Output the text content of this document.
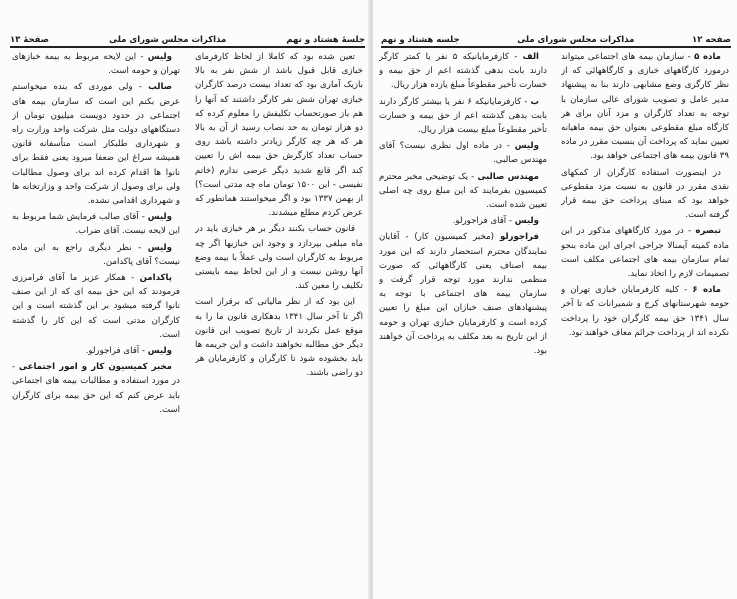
جلسهٔ هشتاد و نهم
مذاکرات مجلس شورای ملی
صفحهٔ ۱۳

تعین شده بود که کاملا از لحاظ کارفرمای خبازی قابل قبول باشد از شش نفر به بالا بازیک آماری بود که تعداد بیست درصد کارگران خبازی تهران شش نفر کارگر داشتند که آنها را هم باز صورتحساب تکلیفش را معلوم کرده که دو هزار تومان به حد نصاب رسید از آن به بالا هر که هر چه کارگر زیادتر داشته باشد روی حساب تعداد کارگرش حق بیمه اش را تعیین کند اگر قانع شدید دیگر عرضی ندارم (خاتم نفیسی - این ۱۵۰۰ تومان ماه چه مدتی است؟) از بهمن ۱۳۳۷ بود و اگر میخواستند همانطور که عرض کردم مطلع میشدند.

قانون حساب بکنند دیگر بر هر خبازی باید در ماه مبلغی بپردازد و وجود این خبازیها اگر چه مربوط به کارگران است ولی عملاً با بیمه وضع آنها روشن نیست و از این لحاظ بیمه بایستی تکلیف را معین کند.

این بود که از نظر مالیاتی که برقرار است اگر تا آخر سال ۱۳۴۱ بدهکاری قانون ما را به موقع عمل نکردند از تاریخ تصویب این قانون دیگر حق مطالبه نخواهند داشت و این جریمه ها باید بخشوده شود تا کارگران و کارفرمایان هر دو راضی باشند.

ولیس - این لایحه مربوط به بیمه خبازهای تهران و حومه است.

صالب - ولی موردی که بنده میخواستم عرض بکنم این است که سازمان بیمه های اجتماعی در حدود دویست میلیون تومان از دستگاههای دولت مثل شرکت واحد وزارت راه و شهرداری طلبکار است متأسفانه قانون همیشه سراغ این ضعفا میرود یعنی فقط برای نانوا ها اقدام کرده اند برای وصول مطالبات ولی برای وصول از شرکت واحد و وزارتخانه ها و شهرداری اقدامی نشده.

ولیس - آقای صالب فرمایش شما مربوط به این لایحه نیست. آقای ضراب.

ولیس - نظر دیگری راجع به این ماده نیست؟ آقای پاکدامن.

پاکدامن - همکار عزیز ما آقای فرامرزی فرمودند که این حق بیمه ای که از این صنف نانوا گرفته میشود بر این گذشته است و این کارگران مدتی است که این کار را گذشته است.

ولیس - آقای فراجورلو.

مخبر کمیسیون کار و امور اجتماعی - در مورد استفاده و مطالبات بیمه های اجتماعی باید عرض کنم که این حق بیمه برای کارگران است.

صفحه ۱۲
مذاکرات مجلس شورای ملی
جلسه هشتاد و نهم

ماده ۵ - سازمان بیمه های اجتماعی میتواند درمورد کارگاههای خبازی و کارگاههائی که از نظر کارگری وضع مشابهی دارند بنا به پیشنهاد مدیر عامل و تصویب شورای عالی سازمان با توجه به تعداد کارگران و مزد آنان برای هر کارگاه مبلغ مقطوعی بعنوان حق بیمه ماهیانه تعیین نماید که پرداخت آن بنسبت مقرر در ماده ۳۹ قانون بیمه های اجتماعی خواهد بود.

در اینصورت استفاده کارگران از کمکهای نقدی مقرر در قانون به نسبت مزد مقطوعی خواهد بود که مبنای پرداخت حق بیمه قرار گرفته است.

تبصره - در مورد کارگاههای مذکور در این ماده کمیته آیمنالا جراحی اجرای این ماده بنحو تمام سازمان بیمه های اجتماعی مکلف است تصمیمات لازم را اتخاذ نماید.

ماده ۶ - کلیه کارفرمایان خبازی تهران و حومه شهرستانهای کرج و شمیرانات که تا آخر سال ۱۳۴۱ حق بیمه کارگران خود را پرداخت نکرده اند از پرداخت جرائم معاف خواهند بود.

الف - کارفرمایانیکه ۵ نفر یا کمتر کارگر دارند بابت بدهی گذشته اعم از حق بیمه و خسارت تأخیر مقطوعاً مبلغ یازده هزار ریال.

ب - کارفرمایانیکه ۶ نفر یا بیشتر کارگر دارند بابت بدهی گذشته اعم از حق بیمه و خسارت تأخیر مقطوعاً مبلغ بیست هزار ریال.

ولیس - در ماده اول نظری نیست؟ آقای مهندس صالبی.

مهندس صالبی - یک توضیحی مخبر محترم کمیسیون بفرمایند که این مبلغ روی چه اصلی تعیین شده است.

ولیس - آقای فراجورلو.

فراجورلو (مخبر کمیسیون کار) - آقایان نمایندگان محترم استحضار دارند که این مورد بیمه اصناف یعنی کارگاههائی که صورت منظمی ندارند مورد توجه قرار گرفت و سازمان بیمه های اجتماعی با توجه به پیشنهادهای صنف خبازان این مبلغ را تعیین کرده است و کارفرمایان خبازی تهران و حومه از این تاریخ به بعد مکلف به پرداخت آن خواهند بود.
